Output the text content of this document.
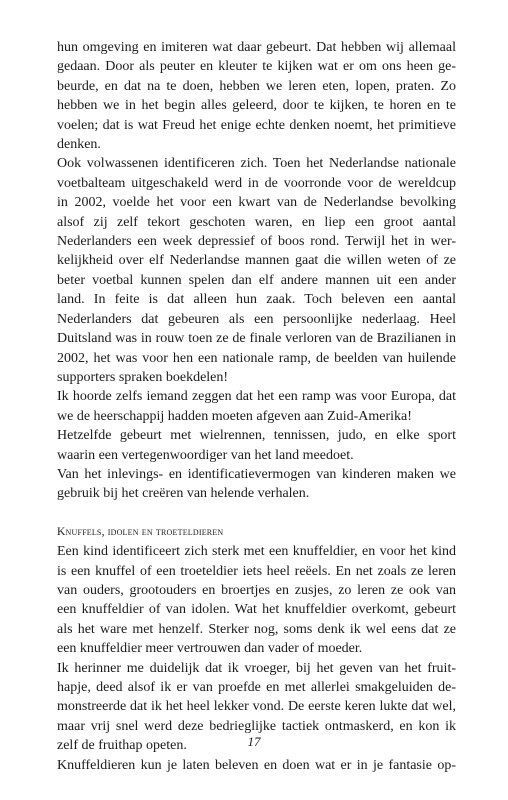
hun omgeving en imiteren wat daar gebeurt. Dat hebben wij allemaal
gedaan. Door als peuter en kleuter te kijken wat er om ons heen ge-
beurde, en dat na te doen, hebben we leren eten, lopen, praten. Zo
hebben we in het begin alles geleerd, door te kijken, te horen en te
voelen; dat is wat Freud het enige echte denken noemt, het primitieve
denken.

Ook volwassenen identificeren zich. Toen het Nederlandse nationale
voetbalteam uitgeschakeld werd in de voorronde voor de wereldcup
in 2002, voelde het voor een kwart van de Nederlandse bevolking
alsof zij zelf tekort geschoten waren, en liep een groot aantal
Nederlanders een week depressief of boos rond. Terwijl het in wer-
kelijkheid over elf Nederlandse mannen gaat die willen weten of ze
beter voetbal kunnen spelen dan elf andere mannen uit een ander
land. In feite is dat alleen hun zaak. Toch beleven een aantal
Nederlanders dat gebeuren als een persoonlijke nederlaag. Heel
Duitsland was in rouw toen ze de finale verloren van de Brazilianen in
2002, het was voor hen een nationale ramp, de beelden van huilende
supporters spraken boekdelen!

Ik hoorde zelfs iemand zeggen dat het een ramp was voor Europa, dat
we de heerschappij hadden moeten afgeven aan Zuid-Amerika!

Hetzelfde gebeurt met wielrennen, tennissen, judo, en elke sport
waarin een vertegenwoordiger van het land meedoet.

Van het inlevings- en identificatievermogen van kinderen maken we
gebruik bij het creëren van helende verhalen.

Knuffels, idolen en troeteldieren

Een kind identificeert zich sterk met een knuffeldier, en voor het kind
is een knuffel of een troeteldier iets heel reëels. En net zoals ze leren
van ouders, grootouders en broertjes en zusjes, zo leren ze ook van
een knuffeldier of van idolen. Wat het knuffeldier overkomt, gebeurt
als het ware met henzelf. Sterker nog, soms denk ik wel eens dat ze
een knuffeldier meer vertrouwen dan vader of moeder.

Ik herinner me duidelijk dat ik vroeger, bij het geven van het fruit-
hapje, deed alsof ik er van proefde en met allerlei smakgeluiden de-
monstreerde dat ik het heel lekker vond. De eerste keren lukte dat wel,
maar vrij snel werd deze bedrieglijke tactiek ontmaskerd, en kon ik
zelf de fruithap opeten.

Knuffeldieren kun je laten beleven en doen wat er in je fantasie op-

17
